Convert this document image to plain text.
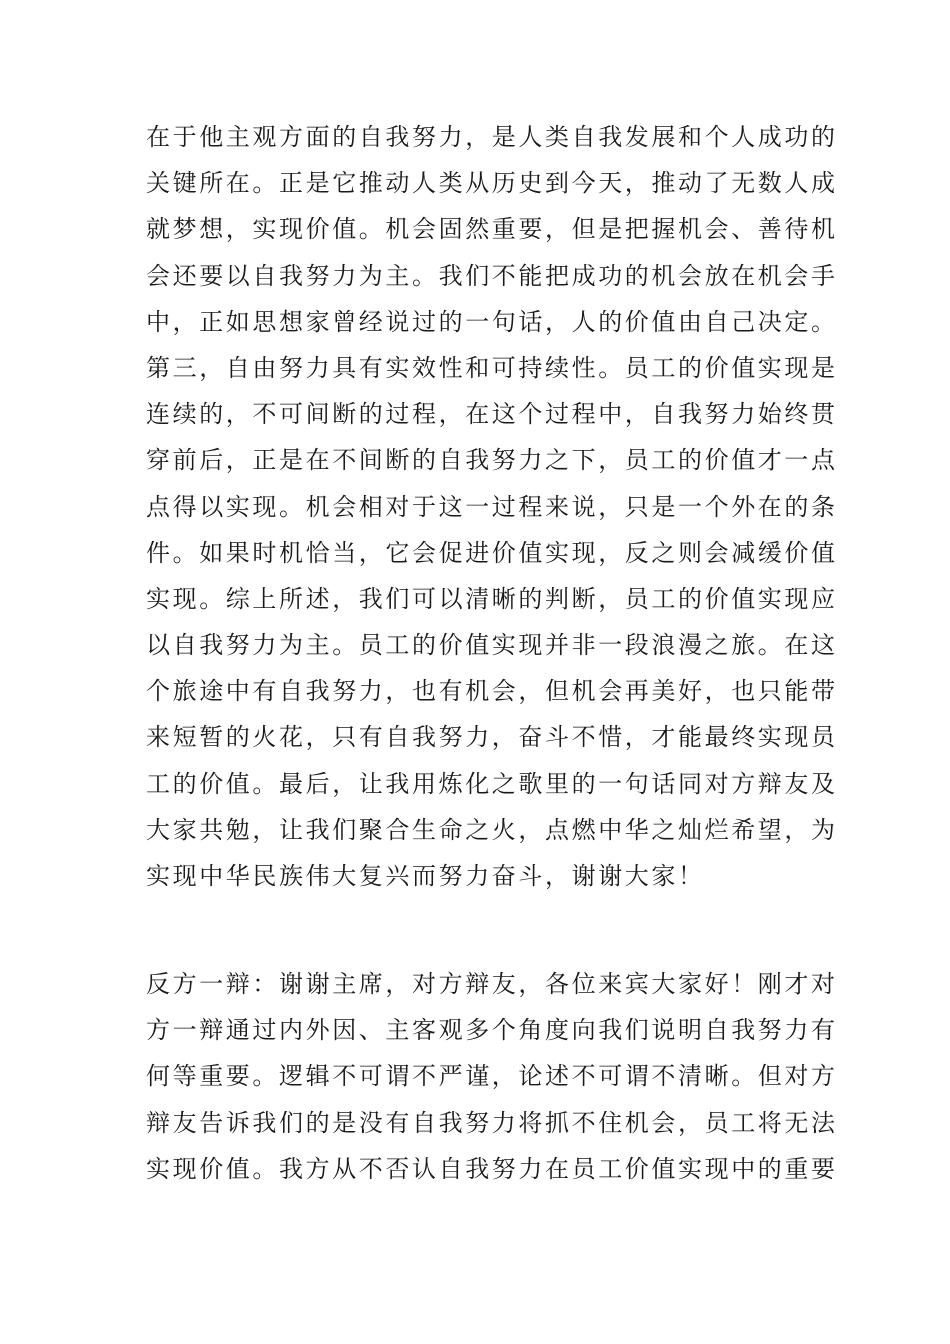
在于他主观方面的自我努力，是人类自我发展和个人成功的
关键所在。正是它推动人类从历史到今天，推动了无数人成
就梦想，实现价值。机会固然重要，但是把握机会、善待机
会还要以自我努力为主。我们不能把成功的机会放在机会手
中，正如思想家曾经说过的一句话，人的价值由自己决定。
第三，自由努力具有实效性和可持续性。员工的价值实现是
连续的，不可间断的过程，在这个过程中，自我努力始终贯
穿前后，正是在不间断的自我努力之下，员工的价值才一点
点得以实现。机会相对于这一过程来说，只是一个外在的条
件。如果时机恰当，它会促进价值实现，反之则会减缓价值
实现。综上所述，我们可以清晰的判断，员工的价值实现应
以自我努力为主。员工的价值实现并非一段浪漫之旅。在这
个旅途中有自我努力，也有机会，但机会再美好，也只能带
来短暂的火花，只有自我努力，奋斗不惜，才能最终实现员
工的价值。最后，让我用炼化之歌里的一句话同对方辩友及
大家共勉，让我们聚合生命之火，点燃中华之灿烂希望，为
实现中华民族伟大复兴而努力奋斗，谢谢大家！
反方一辩：谢谢主席，对方辩友，各位来宾大家好！刚才对
方一辩通过内外因、主客观多个角度向我们说明自我努力有
何等重要。逻辑不可谓不严谨，论述不可谓不清晰。但对方
辩友告诉我们的是没有自我努力将抓不住机会，员工将无法
实现价值。我方从不否认自我努力在员工价值实现中的重要
